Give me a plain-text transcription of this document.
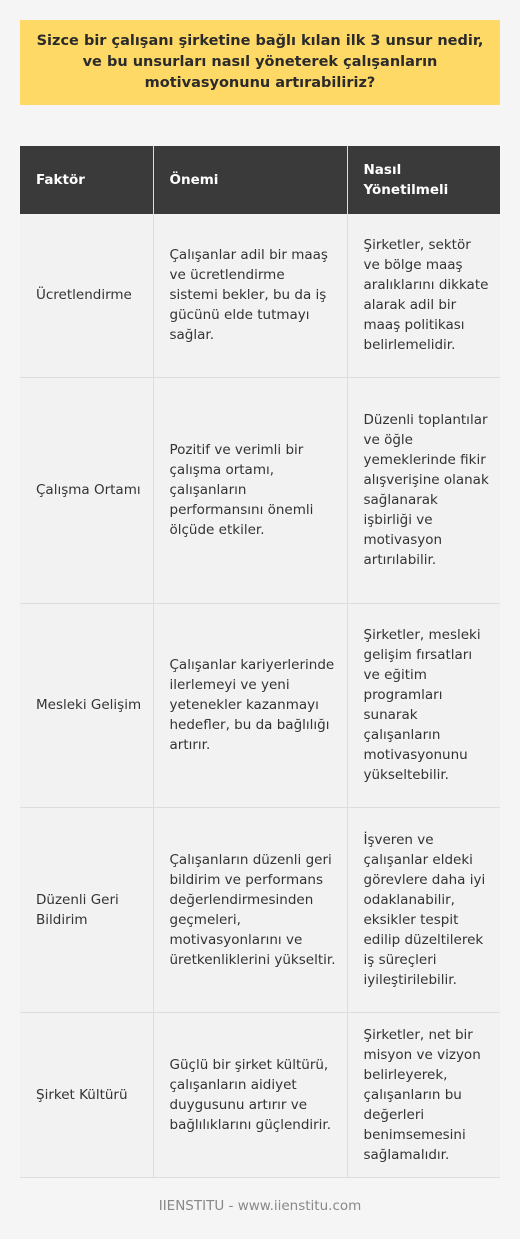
Sizce bir çalışanı şirketine bağlı kılan ilk 3 unsur nedir, ve bu unsurları nasıl yöneterek çalışanların motivasyonunu artırabiliriz?
Faktör	Önemi	Nasıl Yönetilmeli
Ücretlendirme	Çalışanlar adil bir maaş ve ücretlendirme sistemi bekler, bu da iş gücünü elde tutmayı sağlar.	Şirketler, sektör ve bölge maaş aralıklarını dikkate alarak adil bir maaş politikası belirlemelidir.
Çalışma Ortamı	Pozitif ve verimli bir çalışma ortamı, çalışanların performansını önemli ölçüde etkiler.	Düzenli toplantılar ve öğle yemeklerinde fikir alışverişine olanak sağlanarak işbirliği ve motivasyon artırılabilir.
Mesleki Gelişim	Çalışanlar kariyerlerinde ilerlemeyi ve yeni yetenekler kazanmayı hedefler, bu da bağlılığı artırır.	Şirketler, mesleki gelişim fırsatları ve eğitim programları sunarak çalışanların motivasyonunu yükseltebilir.
Düzenli Geri Bildirim	Çalışanların düzenli geri bildirim ve performans değerlendirmesinden geçmeleri, motivasyonlarını ve üretkenliklerini yükseltir.	İşveren ve çalışanlar eldeki görevlere daha iyi odaklanabilir, eksikler tespit edilip düzeltilerek iş süreçleri iyileştirilebilir.
Şirket Kültürü	Güçlü bir şirket kültürü, çalışanların aidiyet duygusunu artırır ve bağlılıklarını güçlendirir.	Şirketler, net bir misyon ve vizyon belirleyerek, çalışanların bu değerleri benimsemesini sağlamalıdır.
IIENSTITU - www.iienstitu.com
